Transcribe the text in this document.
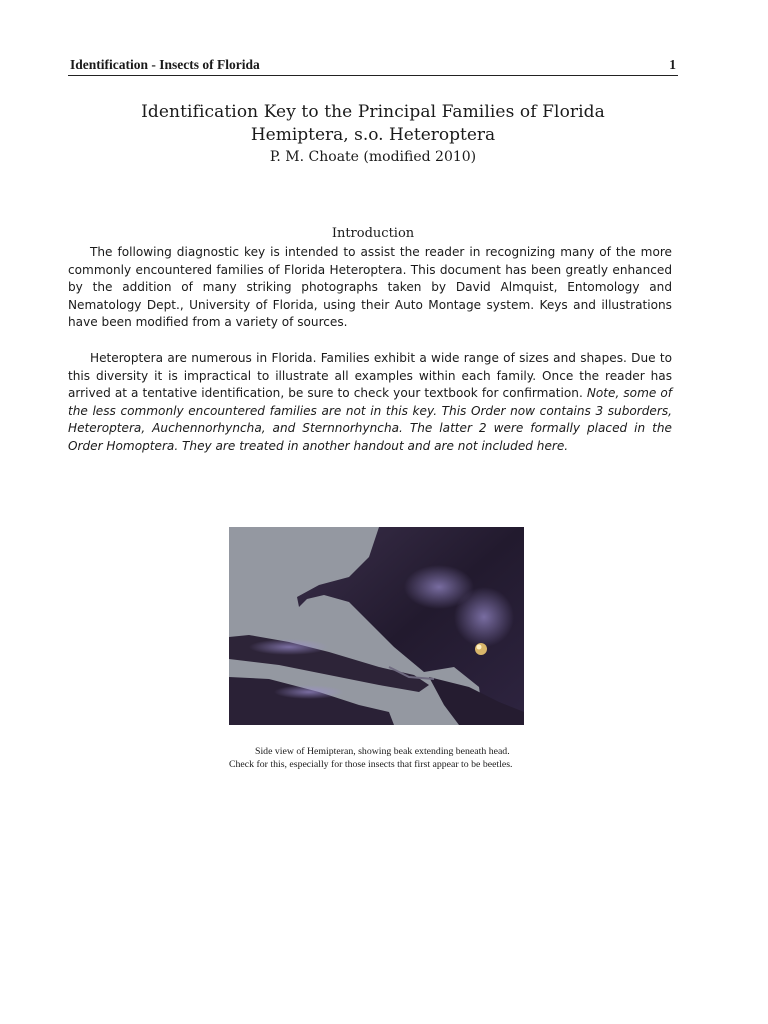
Identification - Insects of Florida	1
Identification Key to the Principal Families of Florida
Hemiptera, s.o. Heteroptera
P. M. Choate (modified 2010)
Introduction

The following diagnostic key is intended to assist the reader in recognizing many of the more commonly encountered families of Florida Heteroptera. This document has been greatly enhanced by the addition of many striking photographs taken by David Almquist, Entomology and Nematology Dept., University of Florida, using their Auto Montage system. Keys and illustrations have been modified from a variety of sources.

Heteroptera are numerous in Florida. Families exhibit a wide range of sizes and shapes. Due to this diversity it is impractical to illustrate all examples within each family. Once the reader has arrived at a tentative identification, be sure to check your textbook for confirmation. Note, some of the less commonly encountered families are not in this key. This Order now contains 3 suborders, Heteroptera, Auchennorhyncha, and Sternnorhyncha. The latter 2 were formally placed in the Order Homoptera. They are treated in another handout and are not included here.

Side view of Hemipteran, showing beak extending beneath head. Check for this, especially for those insects that first appear to be beetles.
